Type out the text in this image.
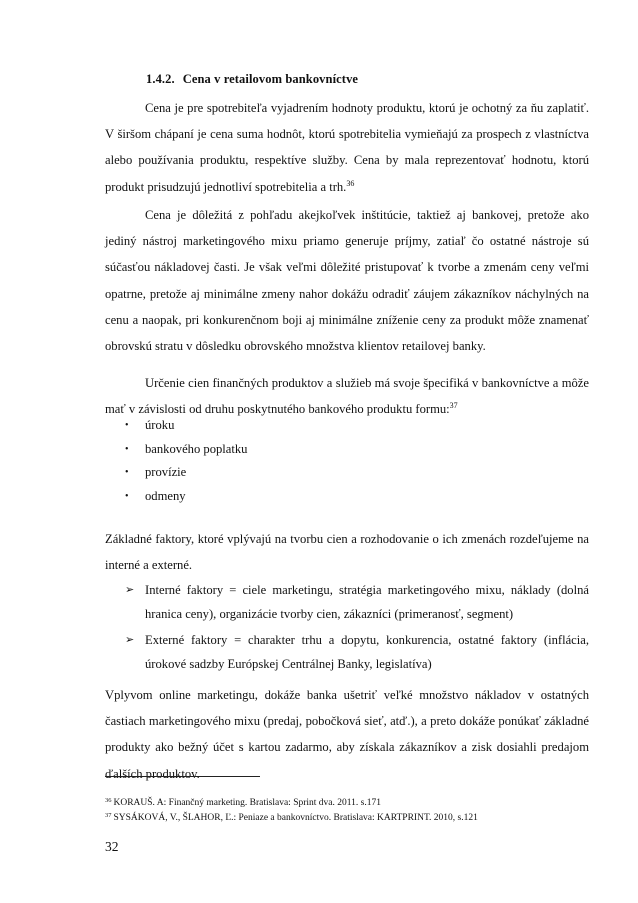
1.4.2. Cena v retailovom bankovníctve

Cena je pre spotrebiteľa vyjadrením hodnoty produktu, ktorú je ochotný za ňu zaplatiť. V širšom chápaní je cena suma hodnôt, ktorú spotrebitelia vymieňajú za prospech z vlastníctva alebo používania produktu, respektíve služby. Cena by mala reprezentovať hodnotu, ktorú produkt prisudzujú jednotliví spotrebitelia a trh.$^{36}$

Cena je dôležitá z pohľadu akejkoľvek inštitúcie, taktiež aj bankovej, pretože ako jediný nástroj marketingového mixu priamo generuje príjmy, zatiaľ čo ostatné nástroje sú súčasťou nákladovej časti. Je však veľmi dôležité pristupovať k tvorbe a zmenám ceny veľmi opatrne, pretože aj minimálne zmeny nahor dokážu odradiť záujem zákazníkov náchylných na cenu a naopak, pri konkurenčnom boji aj minimálne zníženie ceny za produkt môže znamenať obrovskú stratu v dôsledku obrovského množstva klientov retailovej banky.

Určenie cien finančných produktov a služieb má svoje špecifiká v bankovníctve a môže mať v závislosti od druhu poskytnutého bankového produktu formu:$^{37}$

•	úroku
•	bankového poplatku
•	provízie
•	odmeny

Základné faktory, ktoré vplývajú na tvorbu cien a rozhodovanie o ich zmenách rozdeľujeme na interné a externé.

➢ Interné faktory = ciele marketingu, stratégia marketingového mixu, náklady (dolná hranica ceny), organizácie tvorby cien, zákazníci (primeranosť, segment)
➢ Externé faktory = charakter trhu a dopytu, konkurencia, ostatné faktory (inflácia, úrokové sadzby Európskej Centrálnej Banky, legislatíva)

Vplyvom online marketingu, dokáže banka ušetriť veľké množstvo nákladov v ostatných častiach marketingového mixu (predaj, pobočková sieť, atď.), a preto dokáže ponúkať základné produkty ako bežný účet s kartou zadarmo, aby získala zákazníkov a zisk dosiahli predajom ďalších produktov.

$^{36}$ KORAUŠ. A: Finančný marketing. Bratislava: Sprint dva. 2011. s.171
$^{37}$ SYSÁKOVÁ, V., ŠLAHOR, Ľ.: Peniaze a bankovníctvo. Bratislava: KARTPRINT. 2010, s.121
32
